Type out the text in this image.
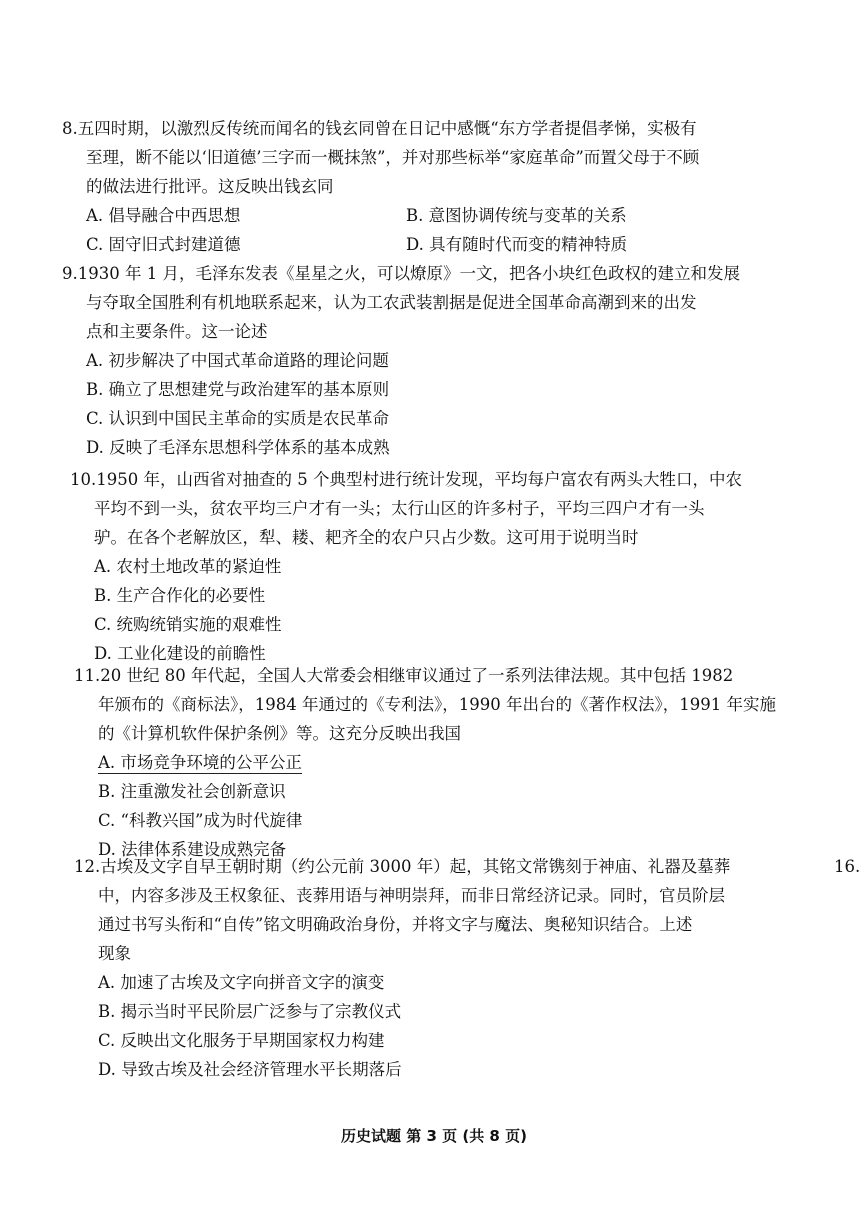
8.五四时期，以激烈反传统而闻名的钱玄同曾在日记中感慨“东方学者提倡孝悌，实极有
至理，断不能以‘旧道德’三字而一概抹煞”，并对那些标举“家庭革命”而置父母于不顾
的做法进行批评。这反映出钱玄同
A. 倡导融合中西思想	B. 意图协调传统与变革的关系
C. 固守旧式封建道德	D. 具有随时代而变的精神特质
9.1930 年 1 月，毛泽东发表《星星之火，可以燎原》一文，把各小块红色政权的建立和发展
与夺取全国胜利有机地联系起来，认为工农武装割据是促进全国革命高潮到来的出发
点和主要条件。这一论述
A. 初步解决了中国式革命道路的理论问题
B. 确立了思想建党与政治建军的基本原则
C. 认识到中国民主革命的实质是农民革命
D. 反映了毛泽东思想科学体系的基本成熟
10.1950 年，山西省对抽查的 5 个典型村进行统计发现，平均每户富农有两头大牲口，中农
平均不到一头，贫农平均三户才有一头；太行山区的许多村子，平均三四户才有一头
驴。在各个老解放区，犁、耧、耙齐全的农户只占少数。这可用于说明当时
A. 农村土地改革的紧迫性
B. 生产合作化的必要性
C. 统购统销实施的艰难性
D. 工业化建设的前瞻性
11.20 世纪 80 年代起，全国人大常委会相继审议通过了一系列法律法规。其中包括 1982
年颁布的《商标法》，1984 年通过的《专利法》，1990 年出台的《著作权法》，1991 年实施
的《计算机软件保护条例》等。这充分反映出我国
A. 市场竞争环境的公平公正
B. 注重激发社会创新意识
C. “科教兴国”成为时代旋律
D. 法律体系建设成熟完备
12.古埃及文字自早王朝时期（约公元前 3000 年）起，其铭文常镌刻于神庙、礼器及墓葬
中，内容多涉及王权象征、丧葬用语与神明崇拜，而非日常经济记录。同时，官员阶层
通过书写头衔和“自传”铭文明确政治身份，并将文字与魔法、奥秘知识结合。上述
现象
A. 加速了古埃及文字向拼音文字的演变
B. 揭示当时平民阶层广泛参与了宗教仪式
C. 反映出文化服务于早期国家权力构建
D. 导致古埃及社会经济管理水平长期落后
16.
历史试题 第 3 页 (共 8 页)
